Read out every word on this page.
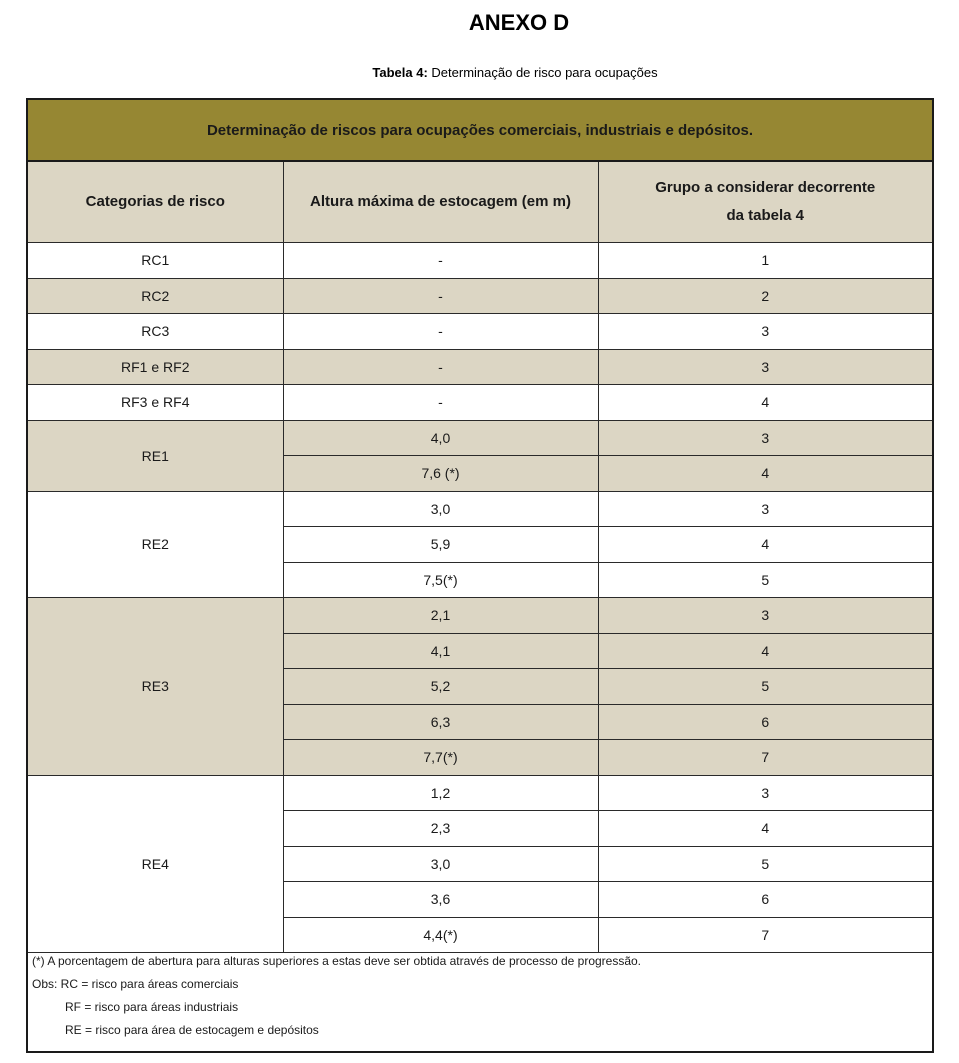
ANEXO D
Tabela 4: Determinação de risco para ocupações
Determinação de riscos para ocupações comerciais, industriais e depósitos.
Categorias de risco	Altura máxima de estocagem (em m)	Grupo a considerar decorrente
da tabela 4

RC1	-	1
RC2	-	2
RC3	-	3
RF1 e RF2	-	3
RF3 e RF4	-	4
RE1	4,0	3
	7,6 (*)	4
RE2	3,0	3
	5,9	4
	7,5(*)	5
RE3	2,1	3
	4,1	4
	5,2	5
	6,3	6
	7,7(*)	7
RE4	1,2	3
	2,3	4
	3,0	5
	3,6	6
	4,4(*)	7
(*) A porcentagem de abertura para alturas superiores a estas deve ser obtida através de processo de progressão.
Obs: RC = risco para áreas comerciais
RF = risco para áreas industriais
RE = risco para área de estocagem e depósitos
